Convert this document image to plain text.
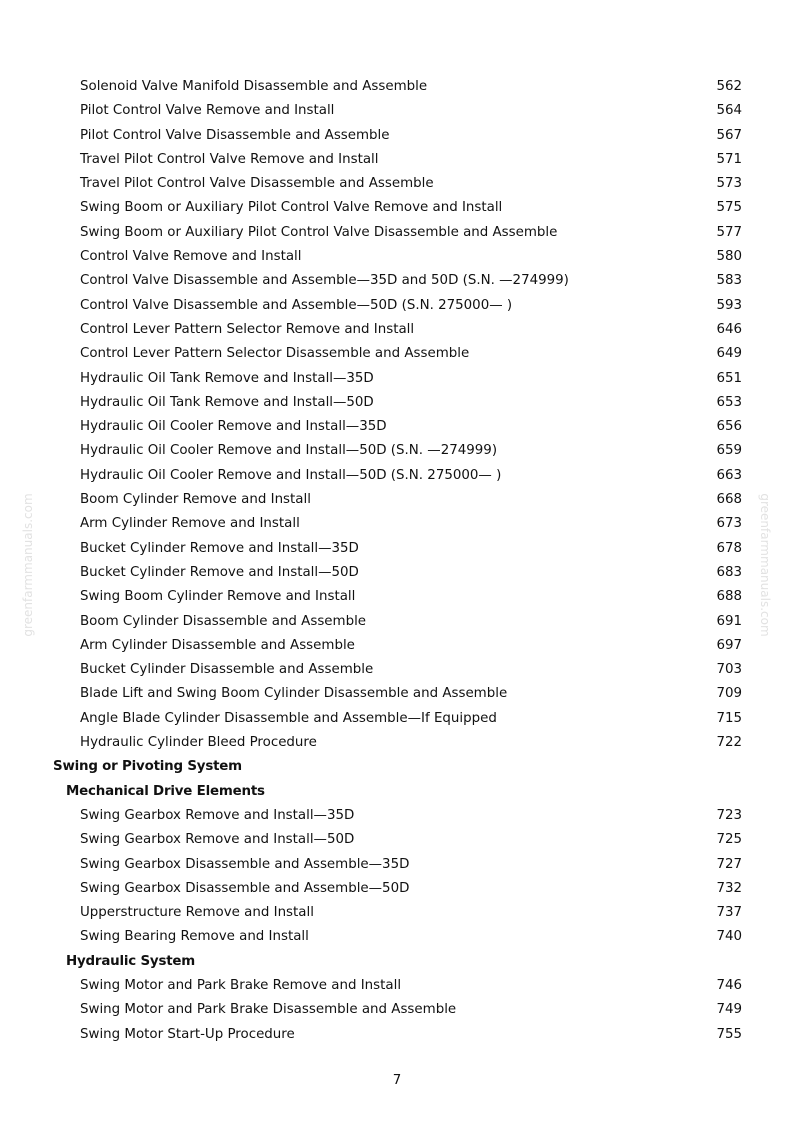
greenfarmmanuals.com	greenfarmmanuals.com
Solenoid Valve Manifold Disassemble and Assemble	562
Pilot Control Valve Remove and Install	564
Pilot Control Valve Disassemble and Assemble	567
Travel Pilot Control Valve Remove and Install	571
Travel Pilot Control Valve Disassemble and Assemble	573
Swing Boom or Auxiliary Pilot Control Valve Remove and Install	575
Swing Boom or Auxiliary Pilot Control Valve Disassemble and Assemble	577
Control Valve Remove and Install	580
Control Valve Disassemble and Assemble—35D and 50D (S.N. —274999)	583
Control Valve Disassemble and Assemble—50D (S.N. 275000— )	593
Control Lever Pattern Selector Remove and Install	646
Control Lever Pattern Selector Disassemble and Assemble	649
Hydraulic Oil Tank Remove and Install—35D	651
Hydraulic Oil Tank Remove and Install—50D	653
Hydraulic Oil Cooler Remove and Install—35D	656
Hydraulic Oil Cooler Remove and Install—50D (S.N. —274999)	659
Hydraulic Oil Cooler Remove and Install—50D (S.N. 275000— )	663
Boom Cylinder Remove and Install	668
Arm Cylinder Remove and Install	673
Bucket Cylinder Remove and Install—35D	678
Bucket Cylinder Remove and Install—50D	683
Swing Boom Cylinder Remove and Install	688
Boom Cylinder Disassemble and Assemble	691
Arm Cylinder Disassemble and Assemble	697
Bucket Cylinder Disassemble and Assemble	703
Blade Lift and Swing Boom Cylinder Disassemble and Assemble	709
Angle Blade Cylinder Disassemble and Assemble—If Equipped	715
Hydraulic Cylinder Bleed Procedure	722
Swing or Pivoting System
Mechanical Drive Elements
Swing Gearbox Remove and Install—35D	723
Swing Gearbox Remove and Install—50D	725
Swing Gearbox Disassemble and Assemble—35D	727
Swing Gearbox Disassemble and Assemble—50D	732
Upperstructure Remove and Install	737
Swing Bearing Remove and Install	740
Hydraulic System
Swing Motor and Park Brake Remove and Install	746
Swing Motor and Park Brake Disassemble and Assemble	749
Swing Motor Start-Up Procedure	755
7
